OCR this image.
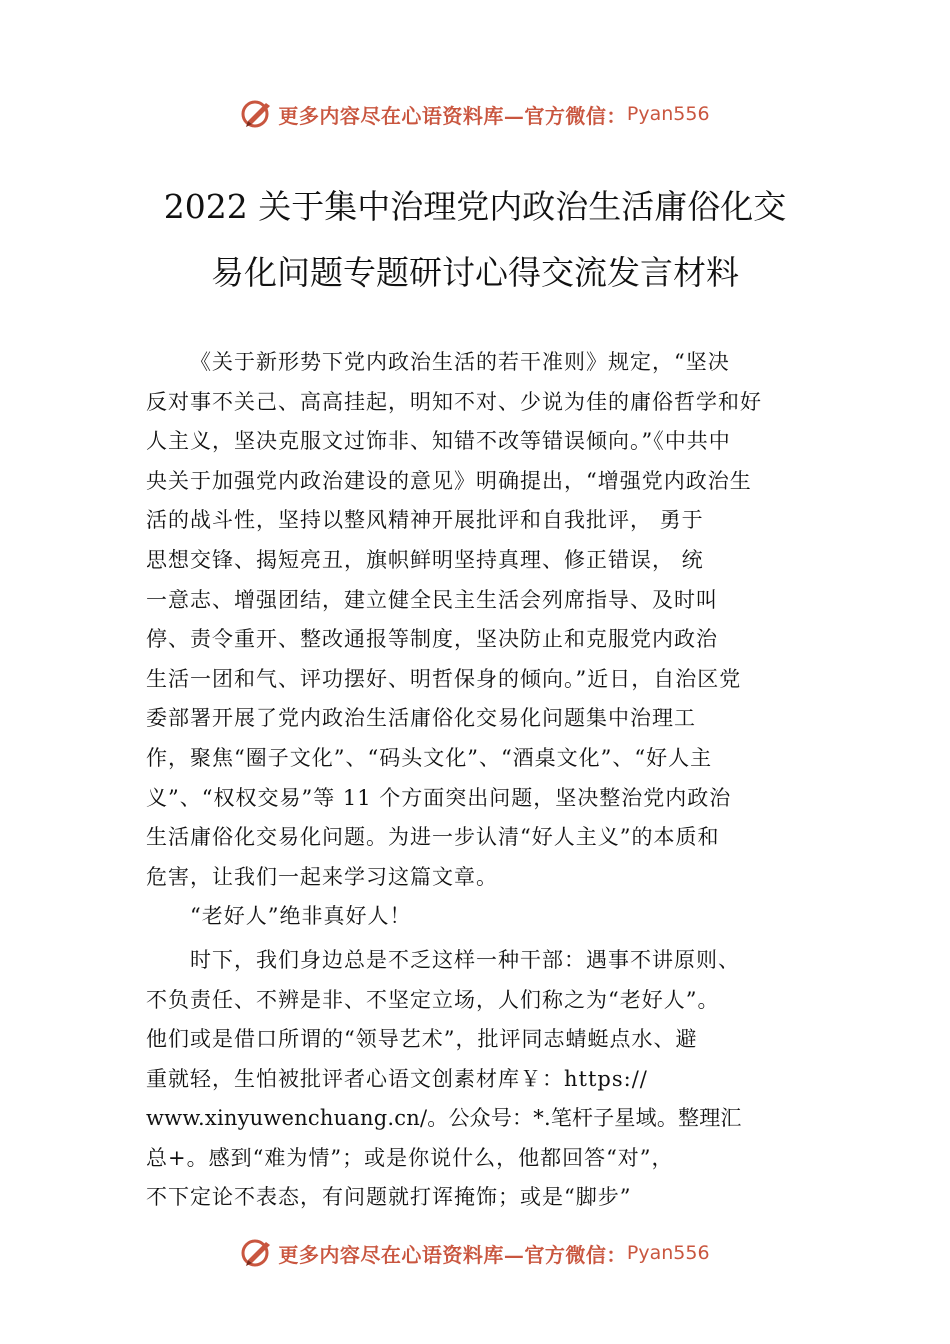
更多内容尽在心语资料库—官方微信： Pyan556
2022 关于集中治理党内政治生活庸俗化交
易化问题专题研讨心得交流发言材料
《关于新形势下党内政治生活的若干准则》规定，“坚决
反对事不关己、高高挂起，明知不对、少说为佳的庸俗哲学和好
人主义，坚决克服文过饰非、知错不改等错误倾向。”《中共中
央关于加强党内政治建设的意见》明确提出，“增强党内政治生
活的战斗性，坚持以整风精神开展批评和自我批评， 勇于
思想交锋、揭短亮丑，旗帜鲜明坚持真理、修正错误， 统
一意志、增强团结，建立健全民主生活会列席指导、及时叫
停、责令重开、整改通报等制度，坚决防止和克服党内政治
生活一团和气、评功摆好、明哲保身的倾向。”近日，自治区党
委部署开展了党内政治生活庸俗化交易化问题集中治理工
作，聚焦“圈子文化”、“码头文化”、“酒桌文化”、“好人主
义”、“权权交易”等 11 个方面突出问题，坚决整治党内政治
生活庸俗化交易化问题。为进一步认清“好人主义”的本质和
危害，让我们一起来学习这篇文章。
“老好人”绝非真好人！
时下，我们身边总是不乏这样一种干部：遇事不讲原则、
不负责任、不辨是非、不坚定立场，人们称之为“老好人”。
他们或是借口所谓的“领导艺术”，批评同志蜻蜓点水、避
重就轻，生怕被批评者心语文创素材库￥：https://
www.xinyuwenchuang.cn/。公众号：*.笔杆子星域。整理汇
总+。感到“难为情”；或是你说什么，他都回答“对”，
不下定论不表态，有问题就打诨掩饰；或是“脚步”
更多内容尽在心语资料库—官方微信： Pyan556
